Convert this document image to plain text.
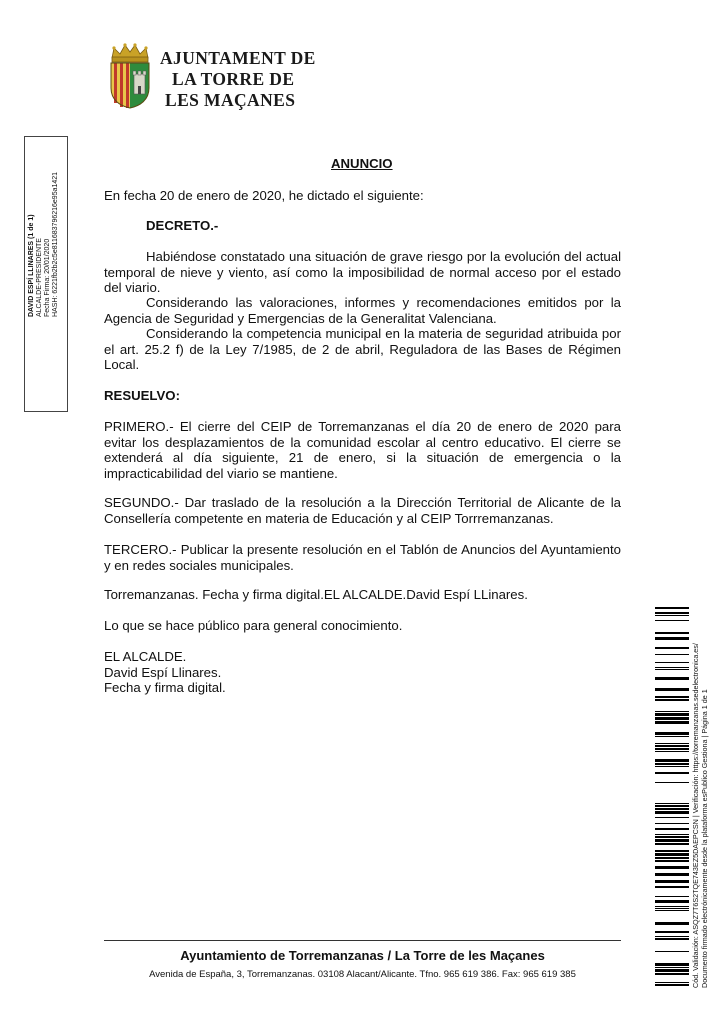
AJUNTAMENT DE
LA TORRE DE
LES MAÇANES
DAVID ESPÍ LLINARES (1 de 1) ALCALDE-PRESIDENTE Fecha Firma: 20/01/2020 HASH: 6221fb2b2c5e811683796216e95a1421
ANUNCIO
En fecha 20 de enero de 2020, he dictado el siguiente:
DECRETO.-
Habiéndose constatado una situación de grave riesgo por la evolución del actual temporal de nieve y viento, así como la imposibilidad de normal acceso por el estado del viario.
Considerando las valoraciones, informes y recomendaciones emitidos por la Agencia de Seguridad y Emergencias de la Generalitat Valenciana.
Considerando la competencia municipal en la materia de seguridad atribuida por el art. 25.2 f) de la Ley 7/1985, de 2 de abril, Reguladora de las Bases de Régimen Local.
RESUELVO:
PRIMERO.- El cierre del CEIP de Torremanzanas el día 20 de enero de 2020 para evitar los desplazamientos de la comunidad escolar al centro educativo. El cierre se extenderá al día siguiente, 21 de enero, si la situación de emergencia o la impracticabilidad del viario se mantiene.
SEGUNDO.- Dar traslado de la resolución a la Dirección Territorial de Alicante de la Consellería competente en materia de Educación y al CEIP Torrremanzanas.
TERCERO.- Publicar la presente resolución en el Tablón de Anuncios del Ayuntamiento y en redes sociales municipales.
Torremanzanas. Fecha y firma digital.EL ALCALDE.David Espí LLinares.
Lo que se hace público para general conocimiento.
EL ALCALDE.
David Espí Llinares.
Fecha y firma digital.	Cód. Validación: ASQZ7T6S2TQE743EZ5DAEPCSN | Verificación: https://torremanzanas.sedelectronica.es/ Documento firmado electrónicamente desde la plataforma esPublico Gestiona | Página 1 de 1
Ayuntamiento de Torremanzanas / La Torre de les Maçanes
Avenida de España, 3, Torremanzanas. 03108 Alacant/Alicante. Tfno. 965 619 386. Fax: 965 619 385
